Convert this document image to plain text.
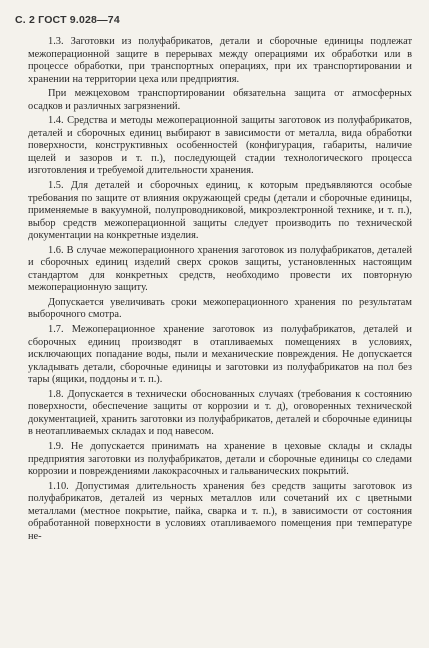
С. 2 ГОСТ 9.028—74

1.3. Заготовки из полуфабрикатов, детали и сборочные единицы подлежат межоперационной защите в перерывах между операциями их обработки или в процессе обработки, при транспортных операциях, при их транспортировании и хранении на территории цеха или предприятия.

При межцеховом транспортировании обязательна защита от атмосферных осадков и различных загрязнений.

1.4. Средства и методы межоперационной защиты заготовок из полуфабрикатов, деталей и сборочных единиц выбирают в зависимости от металла, вида обработки поверхности, конструктивных особенностей (конфигурация, габариты, наличие щелей и зазоров и т. п.), последующей стадии технологического процесса изготовления и требуемой длительности хранения.

1.5. Для деталей и сборочных единиц, к которым предъявляются особые требования по защите от влияния окружающей среды (детали и сборочные единицы, применяемые в вакуумной, полупроводниковой, микроэлектронной технике, и т. п.), выбор средств межоперационной защиты следует производить по технической документации на конкретные изделия.

1.6. В случае межоперационного хранения заготовок из полуфабрикатов, деталей и сборочных единиц изделий сверх сроков защиты, установленных настоящим стандартом для конкретных средств, необходимо провести их повторную межоперационную защиту.

Допускается увеличивать сроки межоперационного хранения по результатам выборочного смотра.

1.7. Межоперационное хранение заготовок из полуфабрикатов, деталей и сборочных единиц производят в отапливаемых помещениях в условиях, исключающих попадание воды, пыли и механические повреждения. Не допускается укладывать детали, сборочные единицы и заготовки из полуфабрикатов на пол без тары (ящики, поддоны и т. п.).

1.8. Допускается в технически обоснованных случаях (требования к состоянию поверхности, обеспечение защиты от коррозии и т. д), оговоренных технической документацией, хранить заготовки из полуфабрикатов, деталей и сборочные единицы в неотапливаемых складах и под навесом.

1.9. Не допускается принимать на хранение в цеховые склады и склады предприятия заготовки из полуфабрикатов, детали и сборочные единицы со следами коррозии и повреждениями лакокрасочных и гальванических покрытий.

1.10. Допустимая длительность хранения без средств защиты заготовок из полуфабрикатов, деталей из черных металлов или сочетаний их с цветными металлами (местное покрытие, пайка, сварка и т. п.), в зависимости от состояния обработанной поверхности в условиях отапливаемого помещения при температуре не-
